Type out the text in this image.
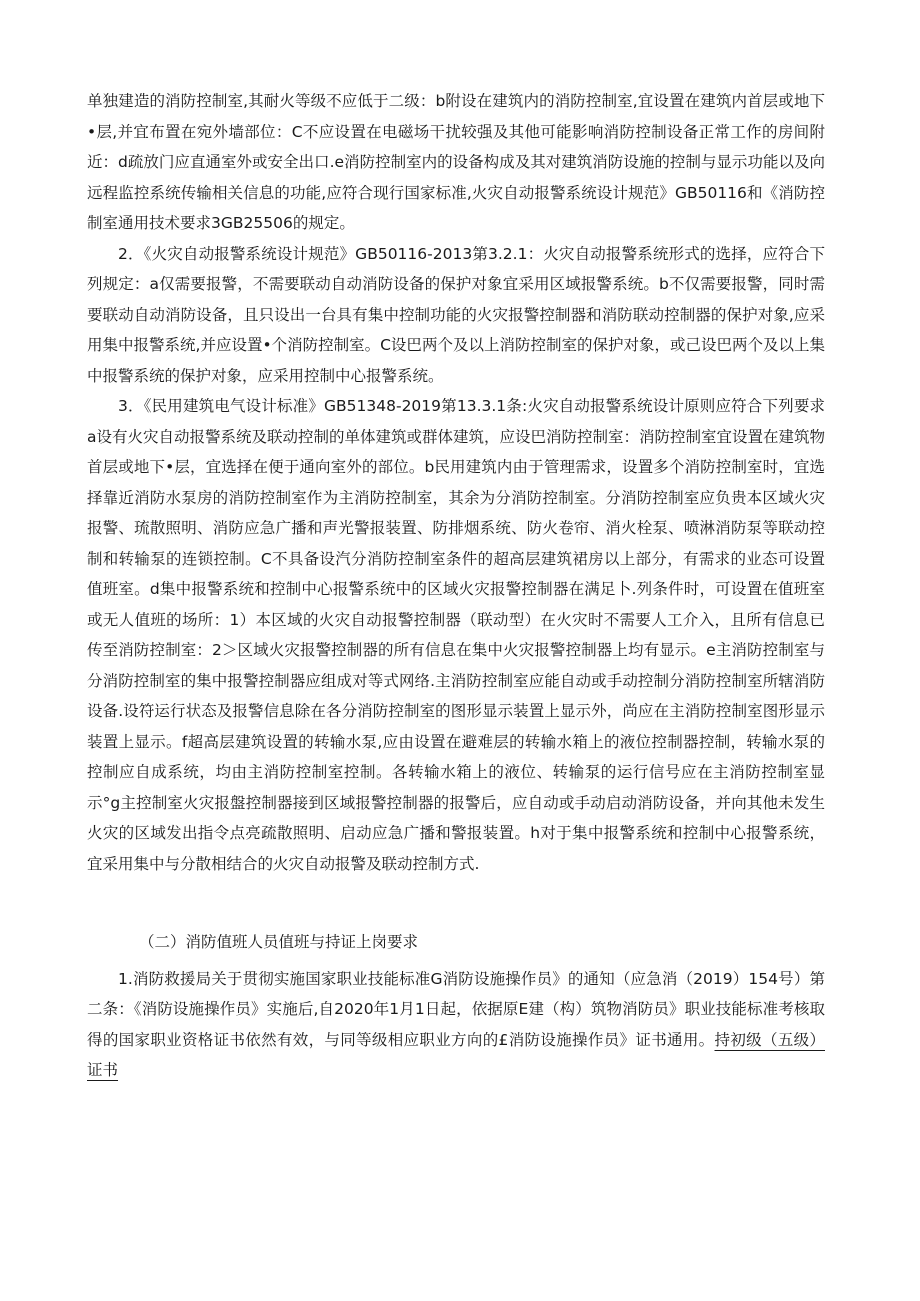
单独建造的消防控制室,其耐火等级不应低于二级：b附设在建筑内的消防控制室,宜设置在建筑内首层或地下•层,并宜布置在宛外墙部位：C不应设置在电磁场干扰较强及其他可能影响消防控制设备正常工作的房间附近：d疏放门应直通室外或安全出口.e消防控制室内的设备构成及其对建筑消防设施的控制与显示功能以及向远程监控系统传输相关信息的功能,应符合现行国家标准,火灾自动报警系统设计规范》GB50116和《消防控制室通用技术要求3GB25506的规定。

2．《火灾自动报警系统设计规范》GB50116-2013第3.2.1：火灾自动报警系统形式的选择，应符合下列规定：a仅需要报警，不需要联动自动消防设备的保护对象宜采用区域报警系统。b不仅需要报警，同时需要联动自动消防设备，且只设出一台具有集中控制功能的火灾报警控制器和消防联动控制器的保护对象,应采用集中报警系统,并应设置•个消防控制室。C设巴两个及以上消防控制室的保护对象，或己设巴两个及以上集中报警系统的保护对象，应采用控制中心报警系统。

3．《民用建筑电气设计标准》GB51348-2019第13.3.1条:火灾自动报警系统设计原则应符合下列要求a设有火灾自动报警系统及联动控制的单体建筑或群体建筑，应设巴消防控制室：消防控制室宜设置在建筑物首层或地下•层，宜选择在便于通向室外的部位。b民用建筑内由于管理需求，设置多个消防控制室时，宜选择靠近消防水泵房的消防控制室作为主消防控制室，其余为分消防控制室。分消防控制室应负贵本区域火灾报警、琉散照明、消防应急广播和声光警报装置、防排烟系统、防火卷帘、消火栓泵、喷淋消防泵等联动控制和转输泵的连锁控制。C不具备设汽分消防控制室条件的超高层建筑裙房以上部分，有需求的业态可设置值班室。d集中报警系统和控制中心报警系统中的区域火灾报警控制器在满足卜.列条件时，可设置在值班室或无人值班的场所：1）本区域的火灾自动报警控制器（联动型）在火灾时不需要人工介入，且所有信息已传至消防控制室：2＞区域火灾报警控制器的所有信息在集中火灾报警控制器上均有显示。e主消防控制室与分消防控制室的集中报警控制器应组成对等式网络.主消防控制室应能自动或手动控制分消防控制室所辖消防设备.设符运行状态及报警信息除在各分消防控制室的图形显示装置上显示外，尚应在主消防控制室图形显示装置上显示。f超高层建筑设置的转输水泵,应由设置在避难层的转输水箱上的液位控制器控制，转输水泵的控制应自成系统，均由主消防控制室控制。各转输水箱上的液位、转输泵的运行信号应在主消防控制室显示°g主控制室火灾报盤控制器接到区域报警控制器的报警后，应自动或手动启动消防设备，并向其他未发生火灾的区域发出指令点亮疏散照明、启动应急广播和警报装置。h对于集中报警系统和控制中心报警系统，宜采用集中与分散相结合的火灾自动报警及联动控制方式.

（二）消防值班人员值班与持证上岗要求

1.消防救援局关于贯彻实施国家职业技能标准G消防设施操作员》的通知（应急消（2019）154号）第二条：《消防设施操作员》实施后,自2020年1月1日起，依据原E建（构）筑物消防员》职业技能标准考核取得的国家职业资格证书依然有效，与同等级相应职业方向的£消防设施操作员》证书通用。持初级（五级）证书
